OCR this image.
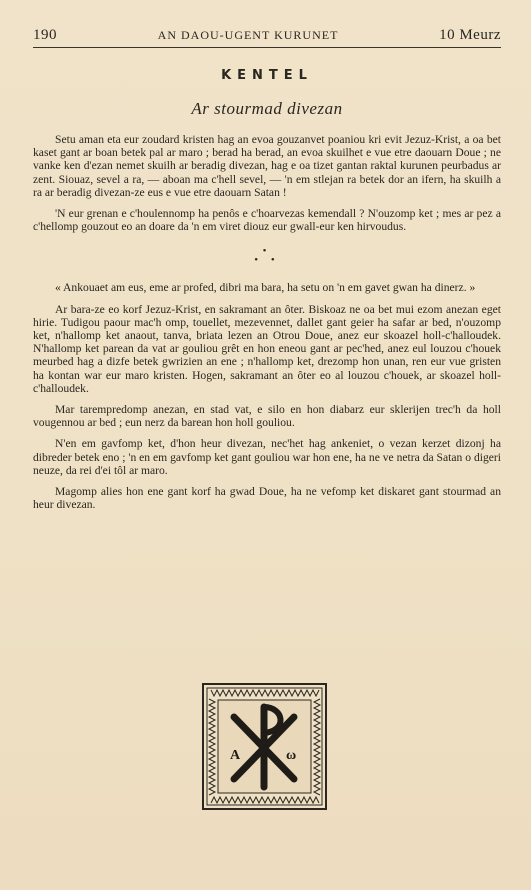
190	AN DAOU-UGENT KURUNET	10 Meurz
KENTEL
Ar stourmad divezan

Setu aman eta eur zoudard kristen hag an evoa gouzanvet poaniou kri evit Jezuz-Krist, a oa bet kaset gant ar boan betek pal ar maro ; berad ha berad, an evoa skuilhet e vue etre daouarn Doue ; ne vanke ken d'ezan nemet skuilh ar beradig divezan, hag e oa tizet gantan raktal kurunen peurbadus ar zent. Siouaz, sevel a ra, — aboan ma c'hell sevel, — 'n em stlejan ra betek dor an ifern, ha skuilh a ra ar beradig divezan-ze eus e vue etre daouarn Satan !

'N eur grenan e c'houlennomp ha penôs e c'hoarvezas kemendall ? N'ouzomp ket ; mes ar pez a c'hellomp gouzout eo an doare da 'n em viret diouz eur gwall-eur ken hirvoudus.

•
• •

« Ankouaet am eus, eme ar profed, dibri ma bara, ha setu on 'n em gavet gwan ha dinerz. »

Ar bara-ze eo korf Jezuz-Krist, en sakramant an ôter. Biskoaz ne oa bet mui ezom anezan eget hirie. Tudigou paour mac'h omp, touellet, mezevennet, dallet gant geier ha safar ar bed, n'ouzomp ket, n'hallomp ket anaout, tanva, briata lezen an Otrou Doue, anez eur skoazel holl-c'halloudek. N'hallomp ket parean da vat ar gouliou grêt en hon eneou gant ar pec'hed, anez eul louzou c'houek meurbed hag a dizfe betek gwrizien an ene ; n'hallomp ket, drezomp hon unan, ren eur vue gristen ha kontan war eur maro kristen. Hogen, sakramant an ôter eo al louzou c'houek, ar skoazel holl-c'halloudek.

Mar tarempredomp anezan, en stad vat, e silo en hon diabarz eur sklerijen trec'h da holl vougennou ar bed ; eun nerz da barean hon holl gouliou.

N'en em gavfomp ket, d'hon heur divezan, nec'het hag ankeniet, o vezan kerzet dizonj ha dibreder betek eno ; 'n en em gavfomp ket gant gouliou war hon ene, ha ne ve netra da Satan o digeri neuze, da rei d'ei tôl ar maro.

Magomp alies hon ene gant korf ha gwad Doue, ha ne vefomp ket diskaret gant stourmad an heur divezan.

A	ω
